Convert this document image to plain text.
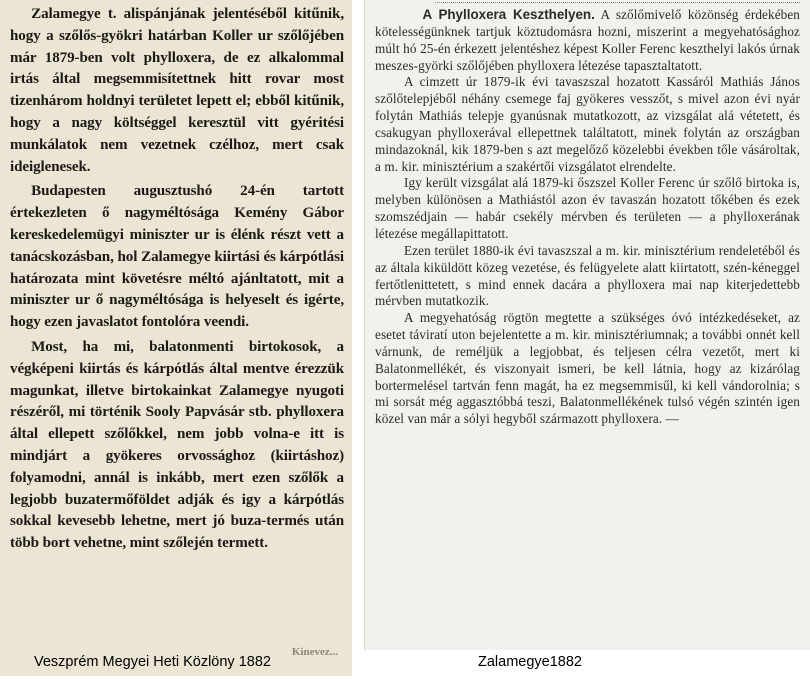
Zalamegye t. alispánjának jelentéséből kitűnik, hogy a szőlős-gyökri határban Koller ur szőlőjében már 1879-ben volt phylloxera, de ez alkalommal irtás által megsemmisítettnek hitt rovar most tizenhárom holdnyi területet lepett el; ebből kitűnik, hogy a nagy költséggel keresztül vitt gyéritési munkálatok nem vezetnek czélhoz, mert csak ideiglenesek.

Budapesten augusztushó 24-én tartott értekezleten ő nagyméltósága Kemény Gábor kereskedelemügyi miniszter ur is élénk részt vett a tanácskozásban, hol Zalamegye kiirtási és kárpótlási határozata mint követésre méltó ajánltatott, mit a miniszter ur ő nagyméltósága is helyeselt és igérte, hogy ezen javaslatot fontolóra veendi.

Most, ha mi, balatonmenti birtokosok, a végképeni kiirtás és kárpótlás által mentve érezzük magunkat, illetve birtokainkat Zalamegye nyugoti részéről, mi történik Sooly Papvásár stb. phylloxera által ellepett szőlőkkel, nem jobb volna-e itt is mindjárt a gyökeres orvossághoz (kiirtáshoz) folyamodni, annál is inkább, mert ezen szőlők a legjobb buzatermőföldet adják és igy a kárpótlás sokkal kevesebb lehetne, mert jó buza-termés után több bort vehetne, mint szőlején termett.

Kinevez...

A Phylloxera Keszthelyen. A szőlőmivelő közönség érdekében kötelességünknek tartjuk köztudomásra hozni, miszerint a megyehatósághoz múlt hó 25-én érkezett jelentéshez képest Koller Ferenc keszthelyi lakós úrnak meszes-györki szőlőjében phylloxera létezése tapasztaltatott.

A cimzett úr 1879-ik évi tavaszszal hozatott Kassáról Mathiás János szőlőtelepjéből néhány csemege faj gyökeres vesszőt, s mivel azon évi nyár folytán Mathiás telepje gyanúsnak mutatkozott, az vizsgálat alá vétetett, és csakugyan phylloxerával ellepettnek találtatott, minek folytán az országban mindazoknál, kik 1879-ben s azt megelőző közelebbi években tőle vásároltak, a m. kir. minisztérium a szakértői vizsgálatot elrendelte.

Igy került vizsgálat alá 1879-ki őszszel Koller Ferenc úr szőlő birtoka is, melyben különösen a Mathiástól azon év tavaszán hozatott tőkében és ezek szomszédjain — habár csekély mérvben és területen — a phylloxerának létezése megállapittatott.

Ezen terület 1880-ik évi tavaszszal a m. kir. minisztérium rendeletéből és az általa kiküldött közeg vezetése, és felügyelete alatt kiirtatott, szén-kéneggel fertőtlenittetett, s mind ennek dacára a phylloxera mai nap kiterjedettebb mérvben mutatkozik.

A megyehatóság rögtön megtette a szükséges óvó intézkedéseket, az esetet táviratí uton bejelentette a m. kir. minisztériumnak; a további onnét kell várnunk, de reméljük a legjobbat, és teljesen célra vezetőt, mert ki Balatonmellékét, és viszonyait ismeri, be kell látnia, hogy az kizárólag bortermelésel tartván fenn magát, ha ez megsemmisűl, ki kell vándorolnia; s mi sorsát még aggasztóbbá teszi, Balatonmellékének tulsó végén szintén igen közel van már a sólyi hegyből származott phylloxera. —

Veszprém Megyei Heti Közlöny 1882	Zalamegye1882
